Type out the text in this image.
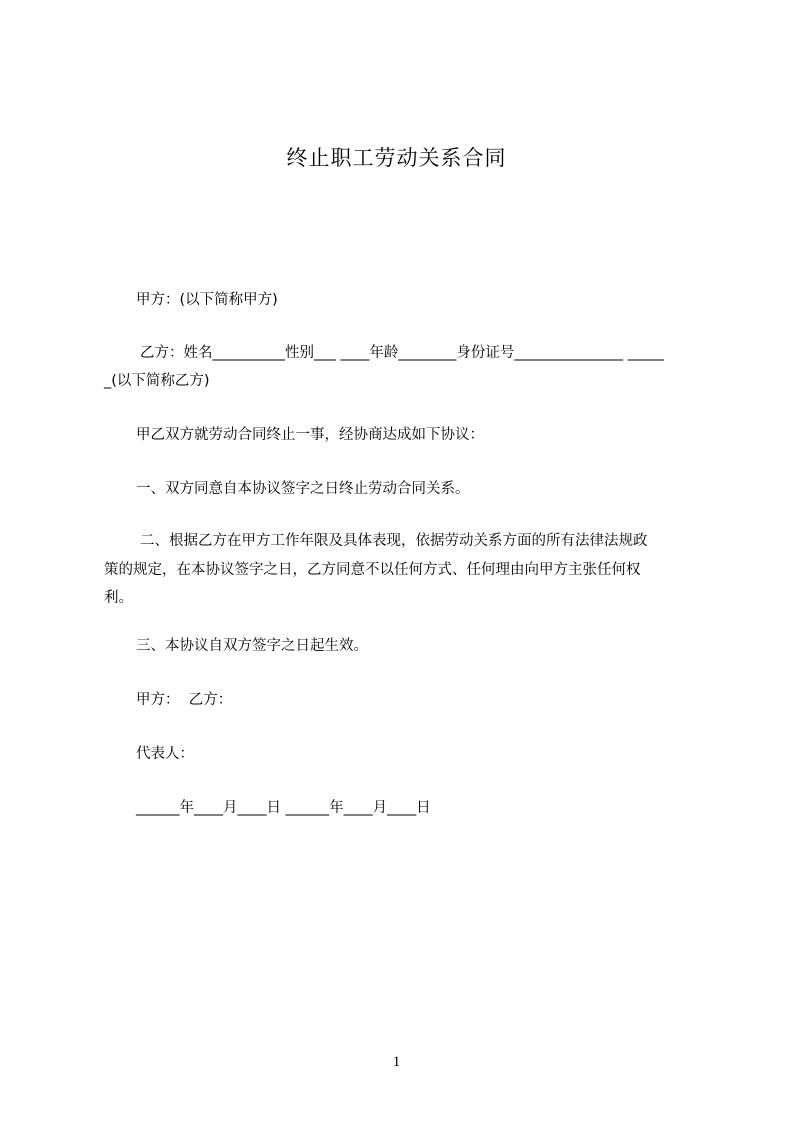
终止职工劳动关系合同
甲方：(以下简称甲方)
乙方：姓名__________性别___ ____年龄________身份证号_______________ _____
_(以下简称乙方)
甲乙双方就劳动合同终止一事，经协商达成如下协议：
一、双方同意自本协议签字之日终止劳动合同关系。
二、根据乙方在甲方工作年限及具体表现，依据劳动关系方面的所有法律法规政
策的规定，在本协议签字之日，乙方同意不以任何方式、任何理由向甲方主张任何权
利。
三、本协议自双方签字之日起生效。
甲方：  乙方：
代表人：
______年____月____日 ______年____月____日
1
